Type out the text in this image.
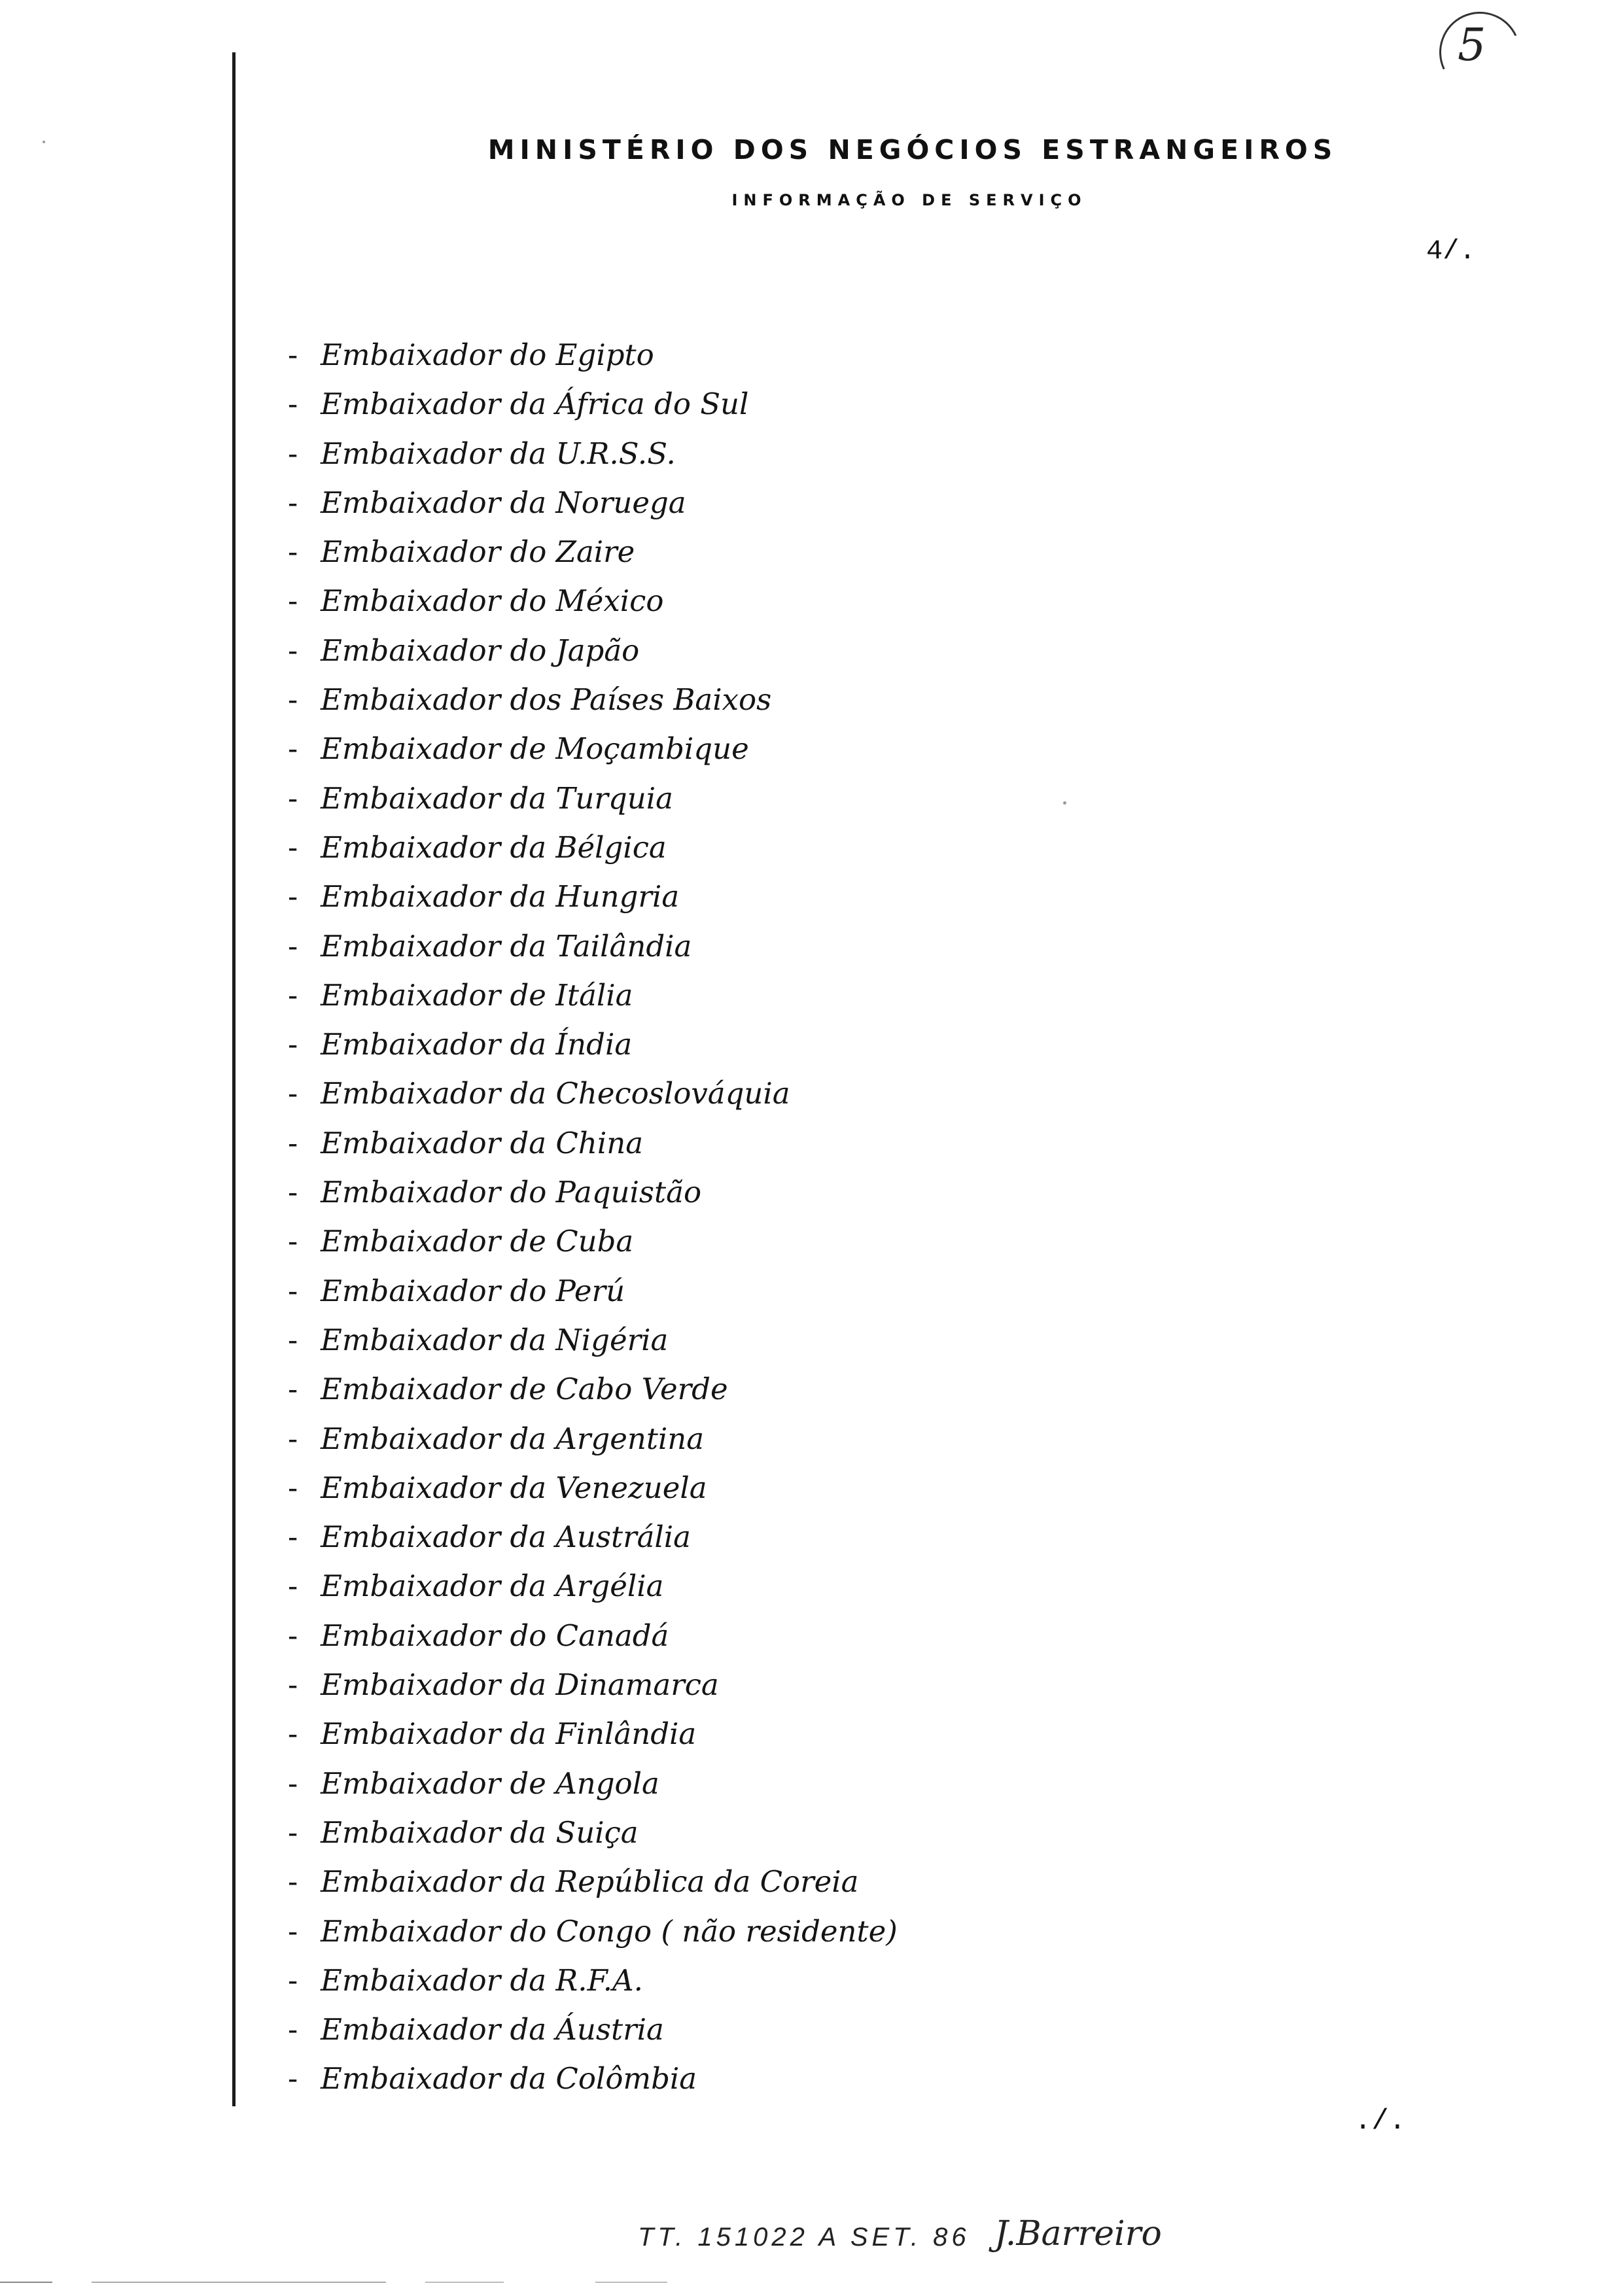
5
MINISTÉRIO DOS NEGÓCIOS ESTRANGEIROS
INFORMAÇÃO DE SERVIÇO
4/.
- Embaixador do Egipto
- Embaixador da África do Sul
- Embaixador da U.R.S.S.
- Embaixador da Noruega
- Embaixador do Zaire
- Embaixador do México
- Embaixador do Japão
- Embaixador dos Países Baixos
- Embaixador de Moçambique
- Embaixador da Turquia
- Embaixador da Bélgica
- Embaixador da Hungria
- Embaixador da Tailândia
- Embaixador de Itália
- Embaixador da Índia
- Embaixador da Checoslováquia
- Embaixador da China
- Embaixador do Paquistão
- Embaixador de Cuba
- Embaixador do Perú
- Embaixador da Nigéria
- Embaixador de Cabo Verde
- Embaixador da Argentina
- Embaixador da Venezuela
- Embaixador da Austrália
- Embaixador da Argélia
- Embaixador do Canadá
- Embaixador da Dinamarca
- Embaixador da Finlândia
- Embaixador de Angola
- Embaixador da Suiça
- Embaixador da República da Coreia
- Embaixador do Congo ( não residente)
- Embaixador da R.F.A.
- Embaixador da Áustria
- Embaixador da Colômbia
./.
TT. 151022 A SET. 86 J.Barreiro
